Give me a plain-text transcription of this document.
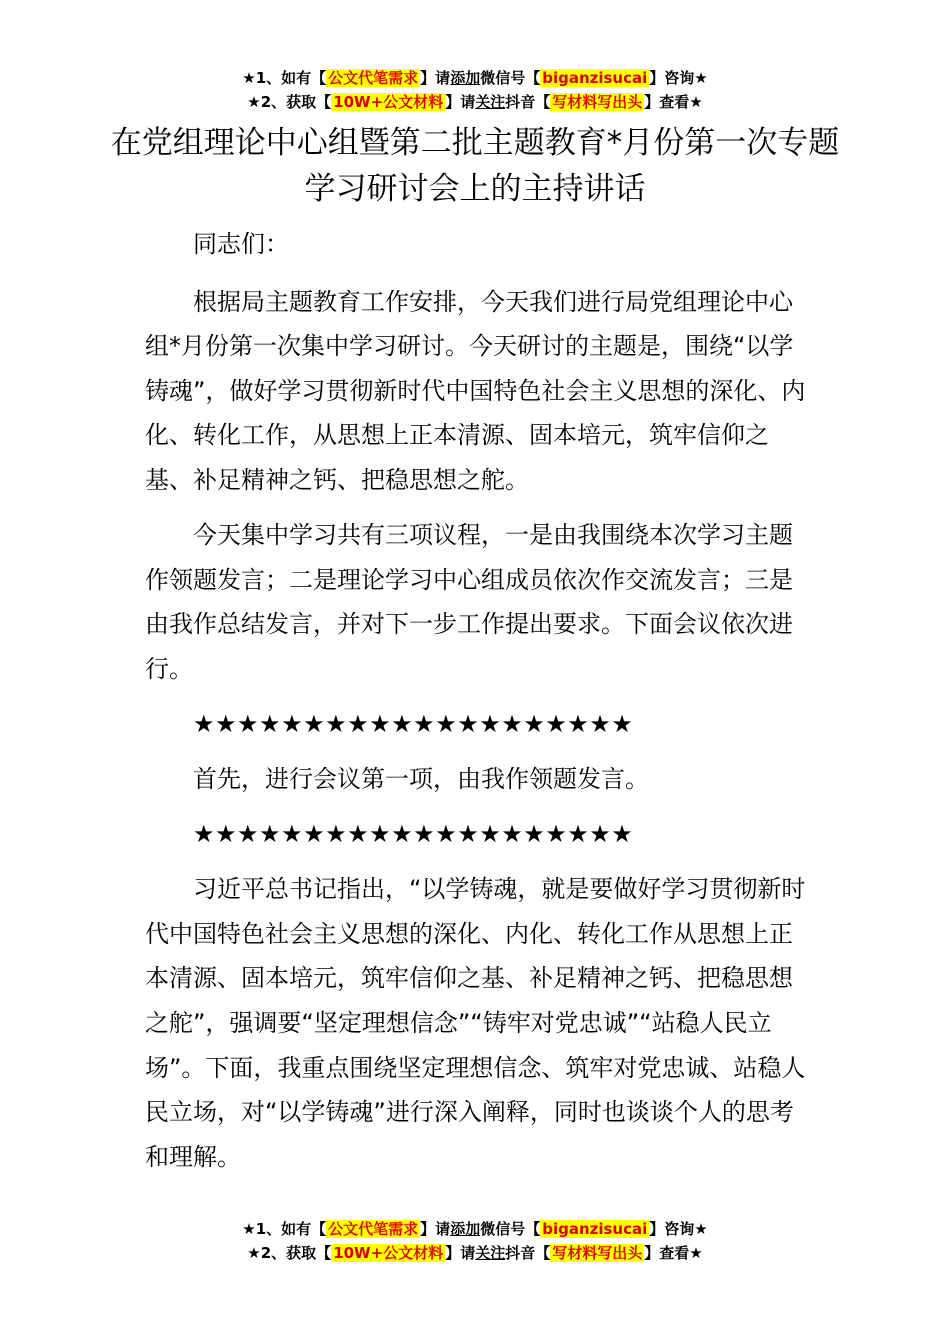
★1、如有【 公文代笔需求 】请添加微信号【 biganzisucai 】咨询★
★2、获取【 10W+公文材料 】请关注抖音【 写材料写出头 】查看★
在党组理论中心组暨第二批主题教育*月份第一次专题学习研讨会上的主持讲话

同志们：

根据局主题教育工作安排，今天我们进行局党组理论中心组*月份第一次集中学习研讨。今天研讨的主题是，围绕“以学铸魂”，做好学习贯彻新时代中国特色社会主义思想的深化、内化、转化工作，从思想上正本清源、固本培元，筑牢信仰之基、补足精神之钙、把稳思想之舵。

今天集中学习共有三项议程，一是由我围绕本次学习主题作领题发言；二是理论学习中心组成员依次作交流发言；三是由我作总结发言，并对下一步工作提出要求。下面会议依次进行。

★★★★★★★★★★★★★★★★★★★★

首先，进行会议第一项，由我作领题发言。

★★★★★★★★★★★★★★★★★★★★

习近平总书记指出，“以学铸魂，就是要做好学习贯彻新时代中国特色社会主义思想的深化、内化、转化工作从思想上正本清源、固本培元，筑牢信仰之基、补足精神之钙、把稳思想之舵”，强调要“坚定理想信念”“铸牢对党忠诚”“站稳人民立场”。下面，我重点围绕坚定理想信念、筑牢对党忠诚、站稳人民立场，对“以学铸魂”进行深入阐释，同时也谈谈个人的思考和理解。

★1、如有【 公文代笔需求 】请添加微信号【 biganzisucai 】咨询★
★2、获取【 10W+公文材料 】请关注抖音【 写材料写出头 】查看★
